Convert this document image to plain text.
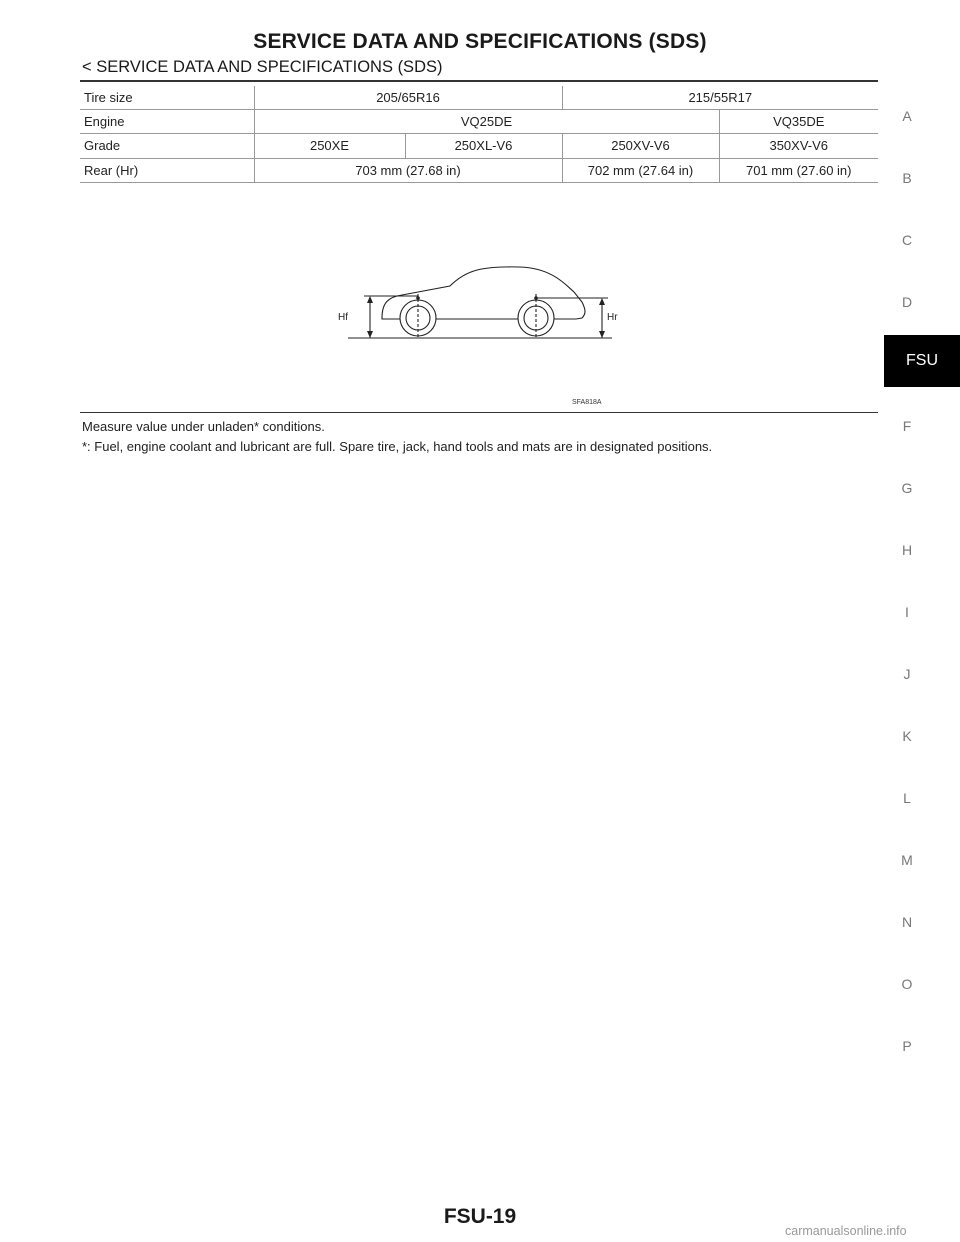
SERVICE DATA AND SPECIFICATIONS (SDS)
< SERVICE DATA AND SPECIFICATIONS (SDS)
Tire size	205/65R16		215/55R17	
Engine	VQ25DE			VQ35DE
Grade	250XE	250XL-V6	250XV-V6	350XV-V6
Rear (Hr)	703 mm (27.68 in)		702 mm (27.64 in)	701 mm (27.60 in)
Hf	Hr
SFA818A
Measure value under unladen* conditions.
*: Fuel, engine coolant and lubricant are full. Spare tire, jack, hand tools and mats are in designated positions.
A
B
C
D
FSU
F
G
H
I
J
K
L
M
N
O
P
FSU-19
carmanualsonline.info
